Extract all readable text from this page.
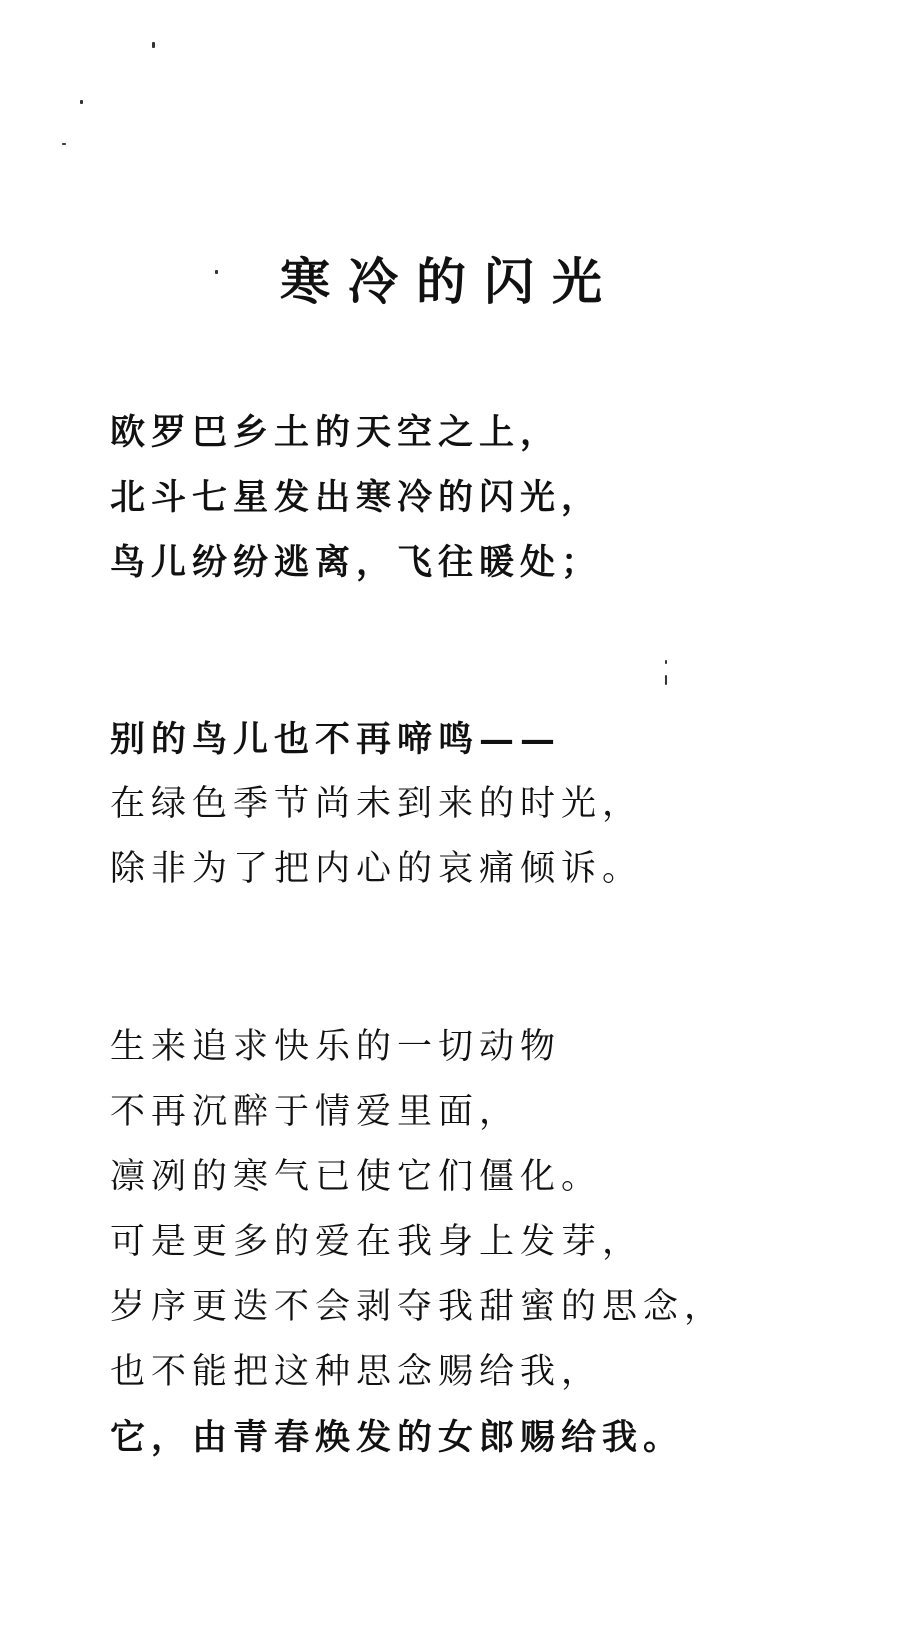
寒冷的闪光
欧罗巴乡土的天空之上，
北斗七星发出寒冷的闪光，
鸟儿纷纷逃离，飞往暖处；
别的鸟儿也不再啼鸣——
在绿色季节尚未到来的时光，
除非为了把内心的哀痛倾诉。
生来追求快乐的一切动物
不再沉醉于情爱里面，
凛冽的寒气已使它们僵化。
可是更多的爱在我身上发芽，
岁序更迭不会剥夺我甜蜜的思念，
也不能把这种思念赐给我，
它，由青春焕发的女郎赐给我。
